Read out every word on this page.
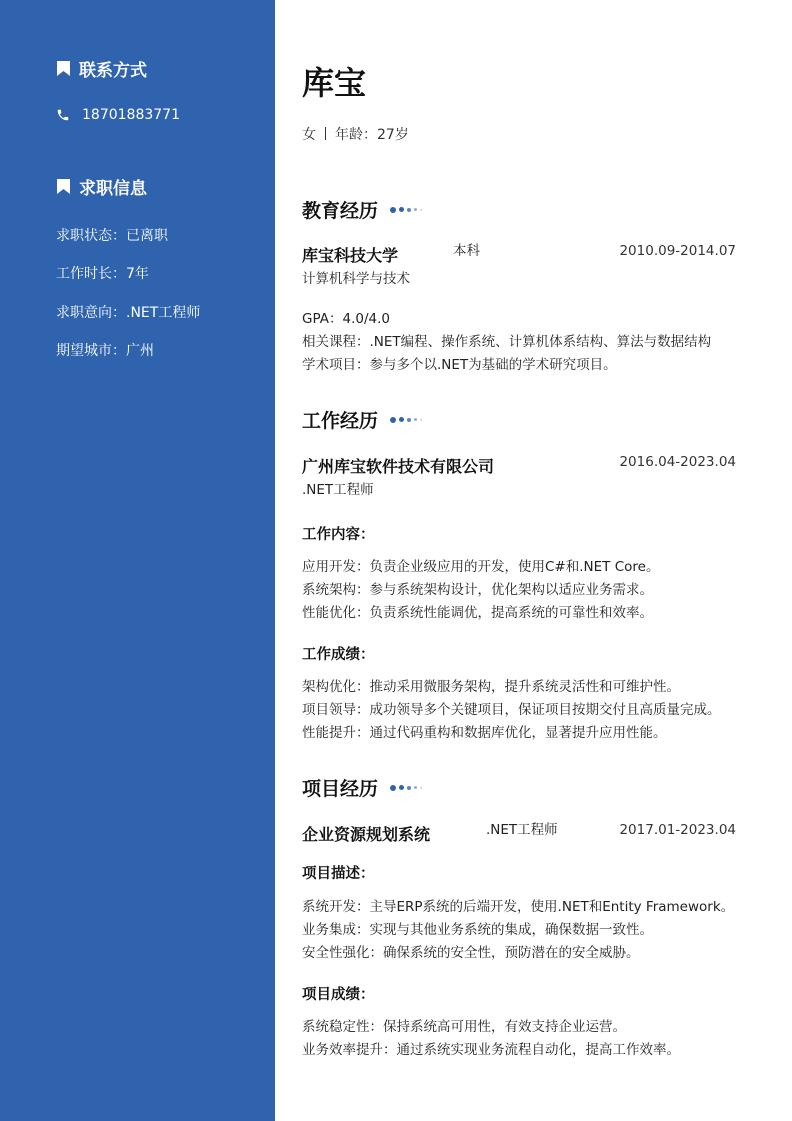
联系方式
18701883771
求职信息
求职状态：已离职
工作时长：7年
求职意向：.NET工程师
期望城市：广州
库宝
女 年龄：27岁
教育经历
库宝科技大学	本科	2010.09-2014.07
计算机科学与技术
GPA：4.0/4.0
相关课程：.NET编程、操作系统、计算机体系结构、算法与数据结构
学术项目：参与多个以.NET为基础的学术研究项目。
工作经历
广州库宝软件技术有限公司	2016.04-2023.04
.NET工程师
工作内容：
应用开发：负责企业级应用的开发，使用C#和.NET Core。
系统架构：参与系统架构设计，优化架构以适应业务需求。
性能优化：负责系统性能调优，提高系统的可靠性和效率。
工作成绩：
架构优化：推动采用微服务架构，提升系统灵活性和可维护性。
项目领导：成功领导多个关键项目，保证项目按期交付且高质量完成。
性能提升：通过代码重构和数据库优化，显著提升应用性能。
项目经历
企业资源规划系统	.NET工程师	2017.01-2023.04
项目描述：
系统开发：主导ERP系统的后端开发，使用.NET和Entity Framework。
业务集成：实现与其他业务系统的集成，确保数据一致性。
安全性强化：确保系统的安全性，预防潜在的安全威胁。
项目成绩：
系统稳定性：保持系统高可用性，有效支持企业运营。
业务效率提升：通过系统实现业务流程自动化，提高工作效率。
